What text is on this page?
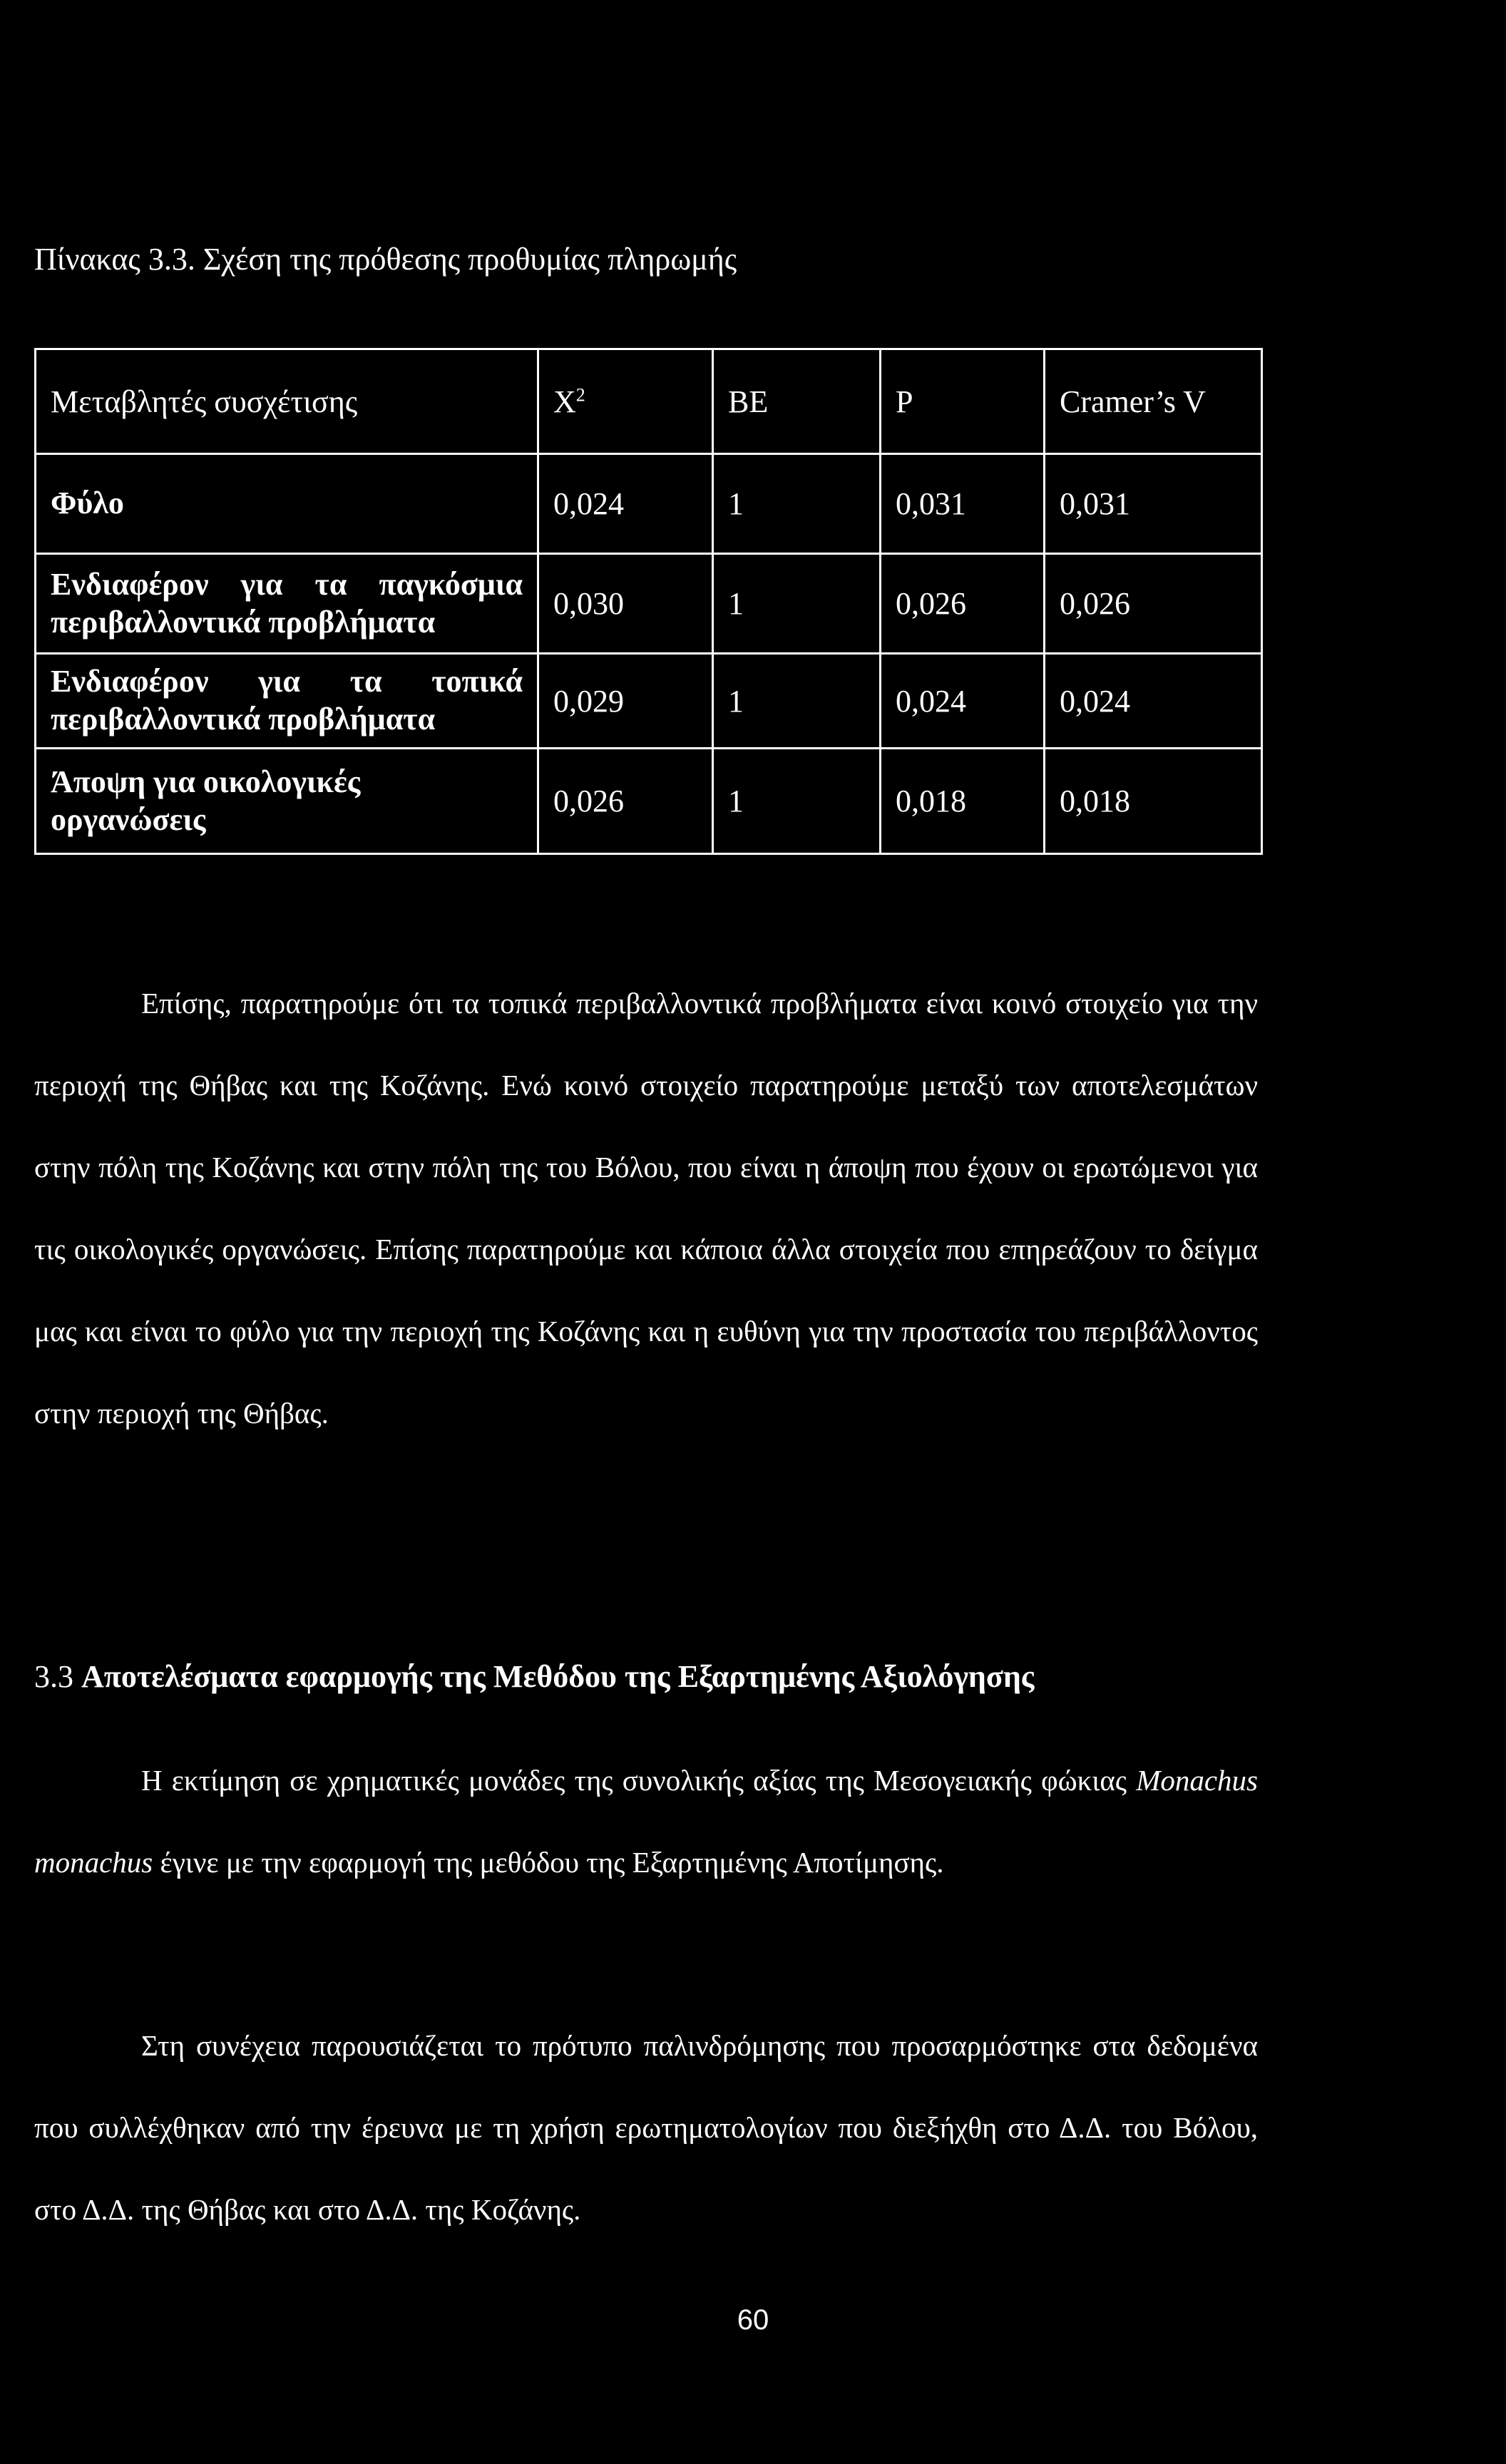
Πίνακας 3.3. Σχέση της πρόθεσης προθυμίας πληρωμής
Μεταβλητές συσχέτισης	$X^2$	ΒΕ	Ρ	Cramer’s V
Φύλο	0,024	1	0,031	0,031
Ενδιαφέρον για τα παγκόσμια περιβαλλοντικά προβλήματα	0,030	1	0,026	0,026
Ενδιαφέρον για τα τοπικά περιβαλλοντικά προβλήματα	0,029	1	0,024	0,024
Άποψη για οικολογικές οργανώσεις	0,026	1	0,018	0,018

Επίσης, παρατηρούμε ότι τα τοπικά περιβαλλοντικά προβλήματα είναι κοινό στοιχείο για την περιοχή της Θήβας και της Κοζάνης. Ενώ κοινό στοιχείο παρατηρούμε μεταξύ των αποτελεσμάτων στην πόλη της Κοζάνης και στην πόλη της του Βόλου, που είναι η άποψη που έχουν οι ερωτώμενοι για τις οικολογικές οργανώσεις. Επίσης παρατηρούμε και κάποια άλλα στοιχεία που επηρεάζουν το δείγμα μας και είναι το φύλο για την περιοχή της Κοζάνης και η ευθύνη για την προστασία του περιβάλλοντος στην περιοχή της Θήβας.

3.3 Αποτελέσματα εφαρμογής της Μεθόδου της Εξαρτημένης Αξιολόγησης

Η εκτίμηση σε χρηματικές μονάδες της συνολικής αξίας της Μεσογειακής φώκιας Monachus monachus έγινε με την εφαρμογή της μεθόδου της Εξαρτημένης Αποτίμησης.

Στη συνέχεια παρουσιάζεται το πρότυπο παλινδρόμησης που προσαρμόστηκε στα δεδομένα που συλλέχθηκαν από την έρευνα με τη χρήση ερωτηματολογίων που διεξήχθη στο Δ.Δ. του Βόλου, στο Δ.Δ. της Θήβας και στο Δ.Δ. της Κοζάνης.

60
